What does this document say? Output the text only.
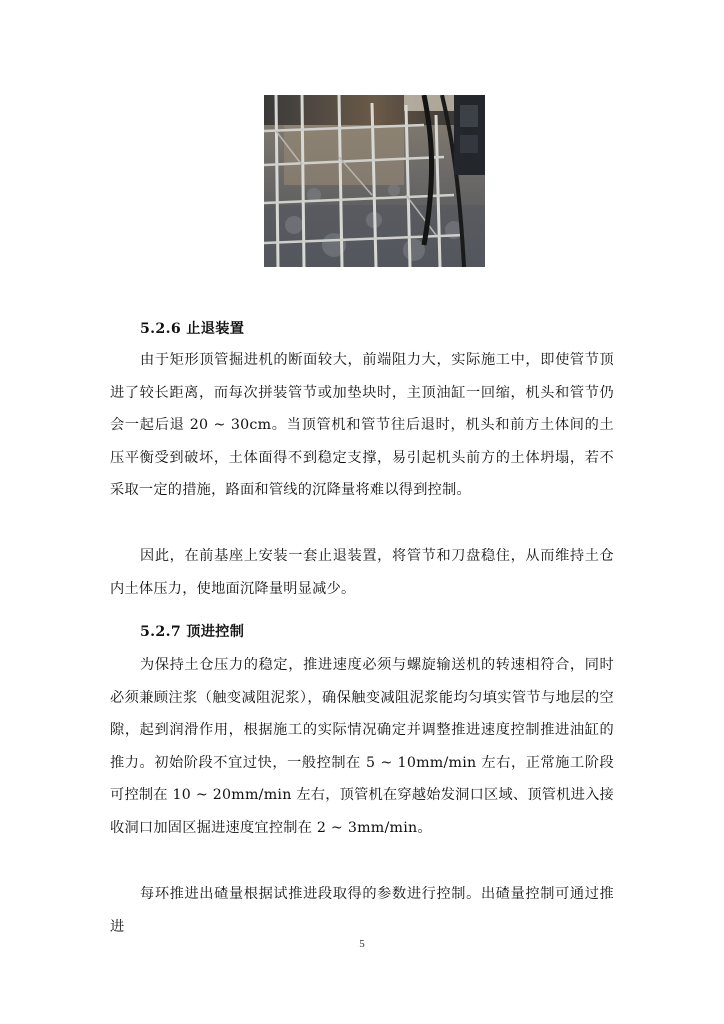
5.2.6 止退装置

由于矩形顶管掘进机的断面较大，前端阻力大，实际施工中，即使管节顶进了较长距离，而每次拼装管节或加垫块时，主顶油缸一回缩，机头和管节仍会一起后退 20 ~ 30cm。当顶管机和管节往后退时，机头和前方土体间的土压平衡受到破坏，土体面得不到稳定支撑，易引起机头前方的土体坍塌，若不采取一定的措施，路面和管线的沉降量将难以得到控制。

因此，在前基座上安装一套止退装置，将管节和刀盘稳住，从而维持土仓内土体压力，使地面沉降量明显减少。

5.2.7 顶进控制

为保持土仓压力的稳定，推进速度必须与螺旋输送机的转速相符合，同时必须兼顾注浆（触变减阻泥浆），确保触变减阻泥浆能均匀填实管节与地层的空隙，起到润滑作用，根据施工的实际情况确定并调整推进速度控制推进油缸的推力。初始阶段不宜过快，一般控制在 5 ~ 10mm/min 左右，正常施工阶段可控制在 10 ~ 20mm/min 左右，顶管机在穿越始发洞口区域、顶管机进入接收洞口加固区掘进速度宜控制在 2 ~ 3mm/min。

每环推进出碴量根据试推进段取得的参数进行控制。出碴量控制可通过推进

5
